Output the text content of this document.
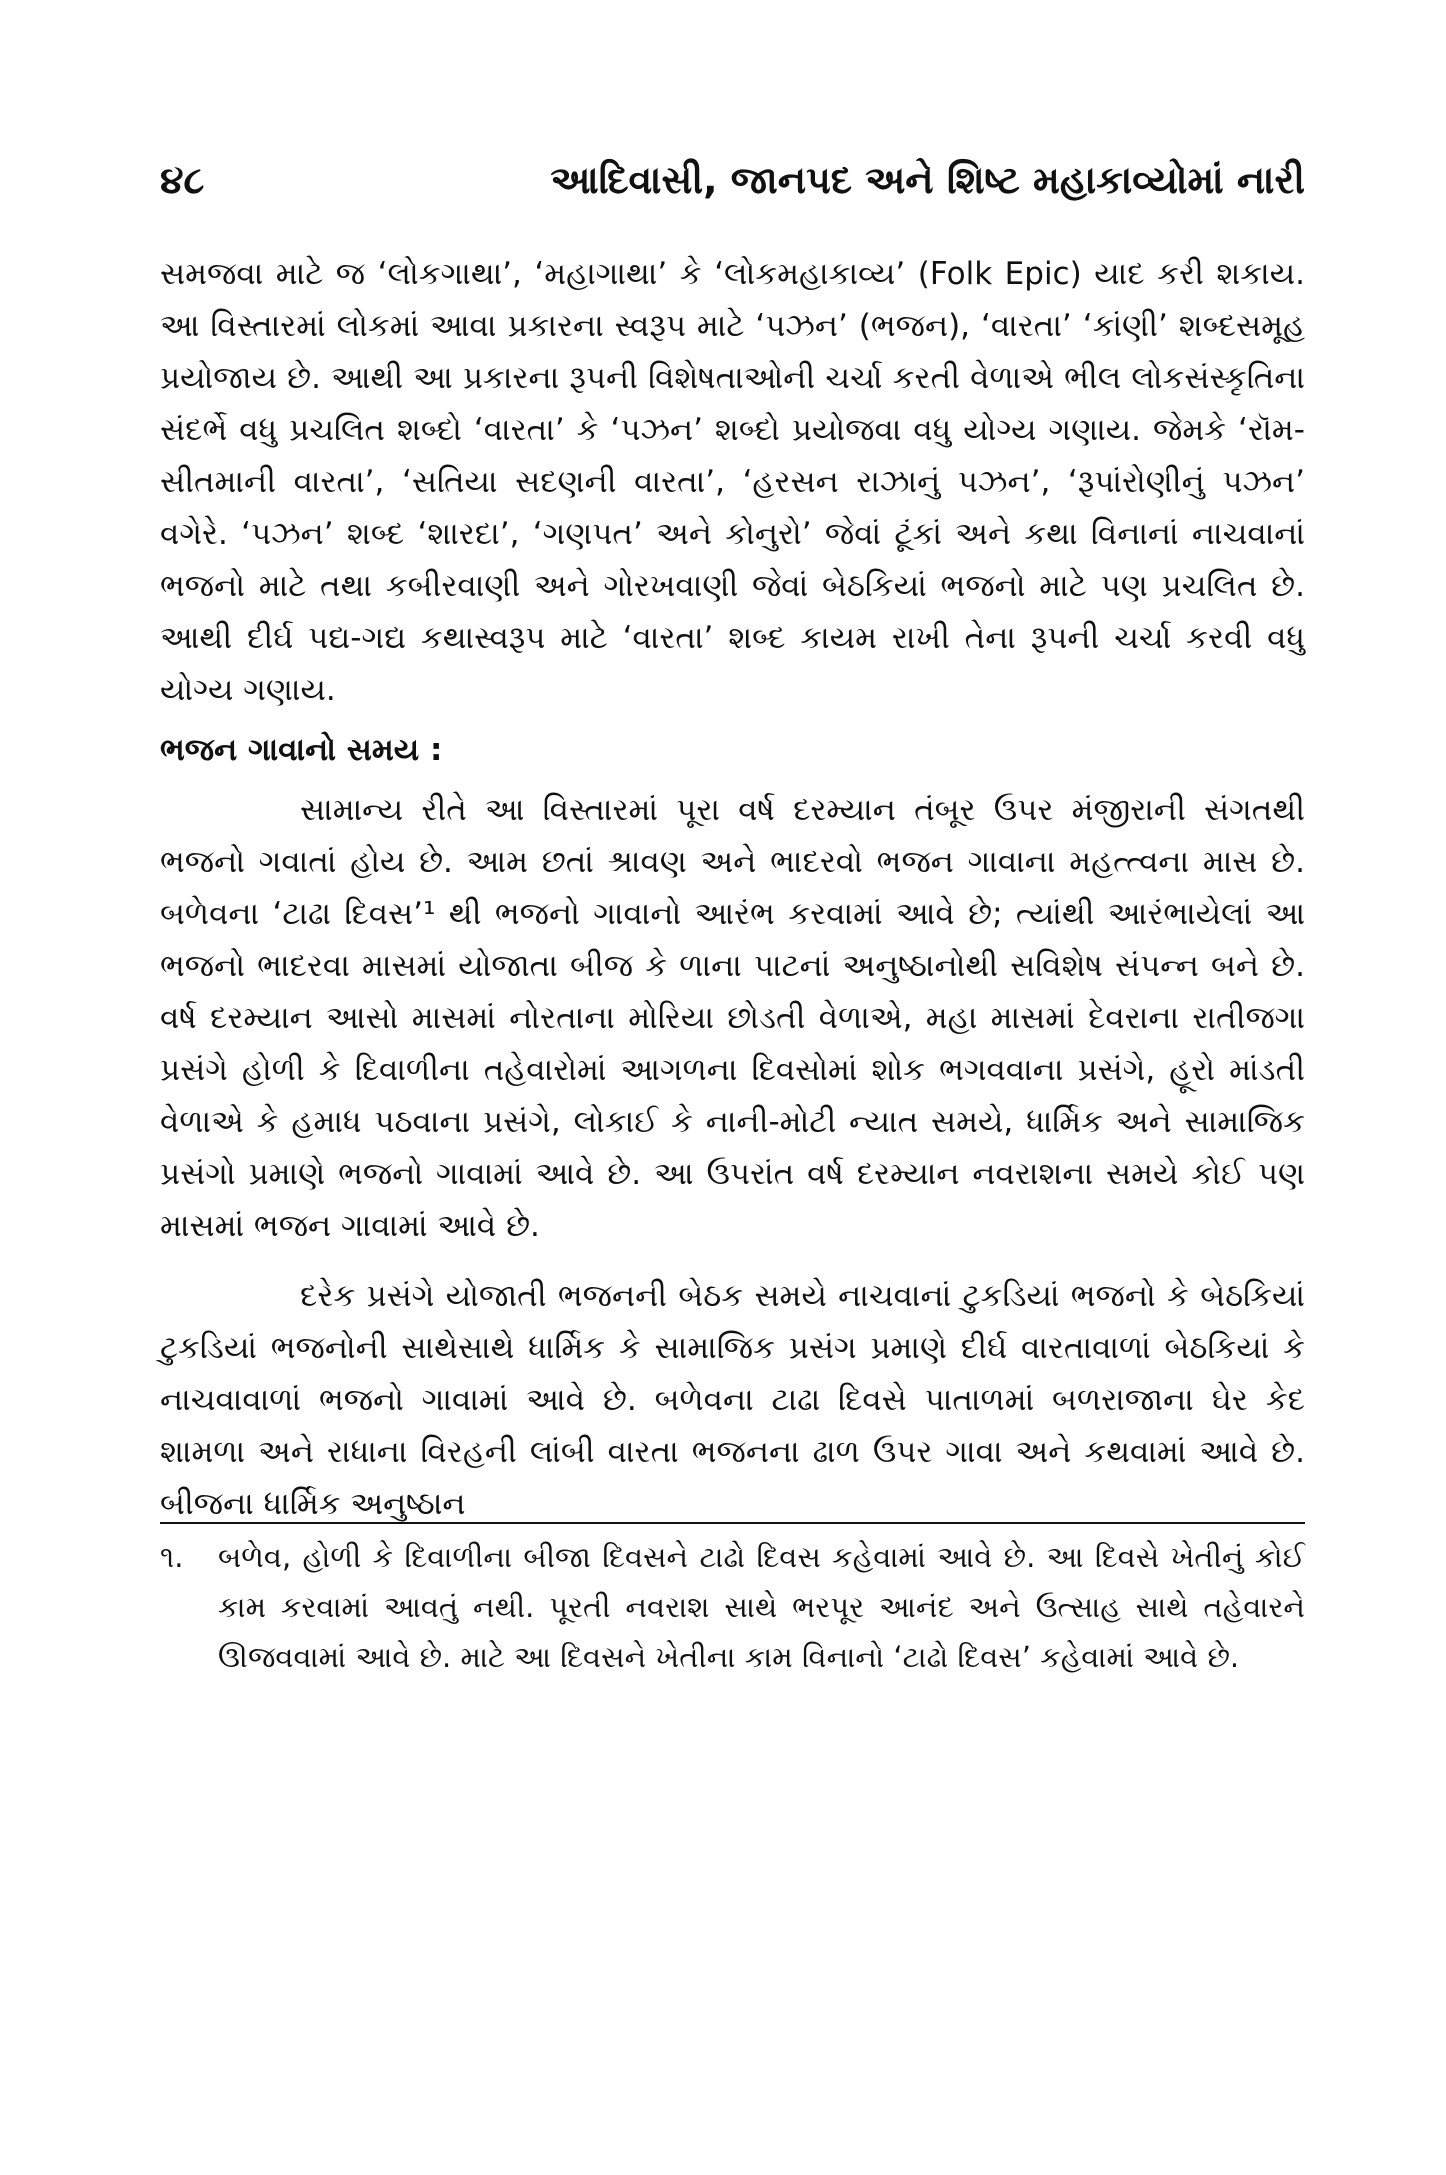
૪૮	આદિવાસી, જાનપદ અને શિષ્ટ મહાકાવ્યોમાં નારી

સમજવા માટે જ ‘લોકગાથા’, ‘મહાગાથા’ કે ‘લોકમહાકાવ્ય’ (Folk Epic) યાદ કરી શકાય. આ વિસ્તારમાં લોકમાં આવા પ્રકારના સ્વરૂપ માટે ‘પઝન’ (ભજન), ‘વારતા’ ‘કાંણી’ શબ્દસમૂહ પ્રયોજાય છે. આથી આ પ્રકારના રૂપની વિશેષતાઓની ચર્ચા કરતી વેળાએ ભીલ લોકસંસ્કૃતિના સંદર્ભે વધુ પ્રચલિત શબ્દો ‘વારતા’ કે ‘પઝન’ શબ્દો પ્રયોજવા વધુ યોગ્ય ગણાય. જેમકે ‘રૉમ-સીતમાની વારતા’, ‘સતિયા સદણની વારતા’, ‘હરસન રાઝાનું પઝન’, ‘રૂપાંરોણીનું પઝન’ વગેરે. ‘પઝન’ શબ્દ ‘શારદા’, ‘ગણપત’ અને કોનુરો’ જેવાં ટૂંકાં અને કથા વિનાનાં નાચવાનાં ભજનો માટે તથા કબીરવાણી અને ગોરખવાણી જેવાં બેઠકિયાં ભજનો માટે પણ પ્રચલિત છે. આથી દીર્ઘ પદ્ય-ગદ્ય કથાસ્વરૂપ માટે ‘વારતા’ શબ્દ કાયમ રાખી તેના રૂપની ચર્ચા કરવી વધુ યોગ્ય ગણાય.

ભજન ગાવાનો સમય :

સામાન્ય રીતે આ વિસ્તારમાં પૂરા વર્ષ દરમ્યાન તંબૂર ઉપર મંજીરાની સંગતથી ભજનો ગવાતાં હોય છે. આમ છતાં શ્રાવણ અને ભાદરવો ભજન ગાવાના મહત્ત્વના માસ છે. બળેવના ‘ટાઢા દિવસ’¹ થી ભજનો ગાવાનો આરંભ કરવામાં આવે છે; ત્યાંથી આરંભાયેલાં આ ભજનો ભાદરવા માસમાં યોજાતા બીજ કે ળાના પાટનાં અનુષ્ઠાનોથી સવિશેષ સંપન્ન બને છે. વર્ષ દરમ્યાન આસો માસમાં નોરતાના મોરિયા છોડતી વેળાએ, મહા માસમાં દેવરાના રાતીજગા પ્રસંગે હોળી કે દિવાળીના તહેવારોમાં આગળના દિવસોમાં શોક ભગવવાના પ્રસંગે, હૂરો માંડતી વેળાએ કે હમાધ પઠવાના પ્રસંગે, લોકાઈ કે નાની-મોટી ન્યાત સમયે, ધાર્મિક અને સામાજિક પ્રસંગો પ્રમાણે ભજનો ગાવામાં આવે છે. આ ઉપરાંત વર્ષ દરમ્યાન નવરાશના સમયે કોઈ પણ માસમાં ભજન ગાવામાં આવે છે.

દરેક પ્રસંગે યોજાતી ભજનની બેઠક સમયે નાચવાનાં ટુકડિયાં ભજનો કે બેઠકિયાં ટુકડિયાં ભજનોની સાથેસાથે ધાર્મિક કે સામાજિક પ્રસંગ પ્રમાણે દીર્ઘ વારતાવાળાં બેઠકિયાં કે નાચવાવાળાં ભજનો ગાવામાં આવે છે. બળેવના ટાઢા દિવસે પાતાળમાં બળરાજાના ઘેર કેદ શામળા અને રાધાના વિરહની લાંબી વારતા ભજનના ઢાળ ઉપર ગાવા અને કથવામાં આવે છે. બીજના ધાર્મિક અનુષ્ઠાન

૧.	બળેવ, હોળી કે દિવાળીના બીજા દિવસને ટાઢો દિવસ કહેવામાં આવે છે. આ દિવસે ખેતીનું કોઈ કામ કરવામાં આવતું નથી. પૂરતી નવરાશ સાથે ભરપૂર આનંદ અને ઉત્સાહ સાથે તહેવારને ઊજવવામાં આવે છે. માટે આ દિવસને ખેતીના કામ વિનાનો ‘ટાઢો દિવસ’ કહેવામાં આવે છે.
